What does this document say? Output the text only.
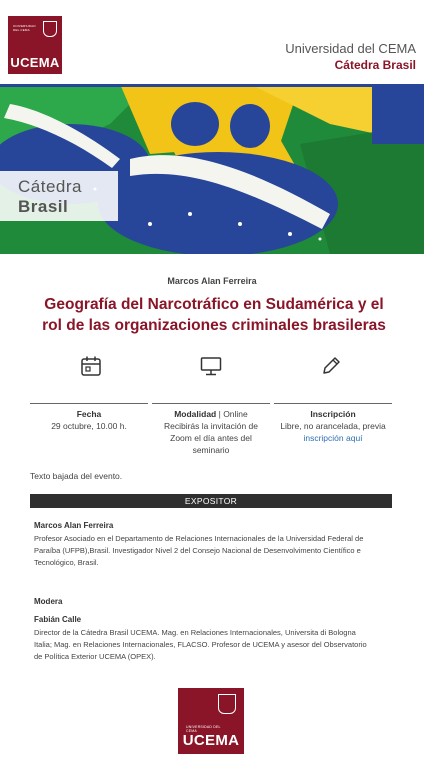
UNIVERSIDAD DEL CEMA
UCEMA
Universidad del CEMA
Cátedra Brasil
Cátedra
Brasil
Marcos Alan Ferreira
Geografía del Narcotráfico en Sudamérica y el rol de las organizaciones criminales brasileras
Fecha
29 octubre, 10.00 h.
Modalidad | Online
Recibirás la invitación de Zoom el día antes del seminario
Inscripción
Libre, no arancelada, previa
inscripción aquí
Texto bajada del evento.
EXPOSITOR
Marcos Alan Ferreira
Profesor Asociado en el Departamento de Relaciones Internacionales de la Universidad Federal de Paraíba (UFPB),Brasil. Investigador Nivel 2 del Consejo Nacional de Desenvolvimento Científico e Tecnológico, Brasil.
Modera
Fabián Calle
Director de la Cátedra Brasil UCEMA. Mag. en Relaciones Internacionales, Universita di Bologna Italia; Mag. en Relaciones Internacionales, FLACSO. Profesor de UCEMA y asesor del Observatorio de Política Exterior UCEMA (OPEX).
UNIVERSIDAD DEL CEMA
UCEMA
